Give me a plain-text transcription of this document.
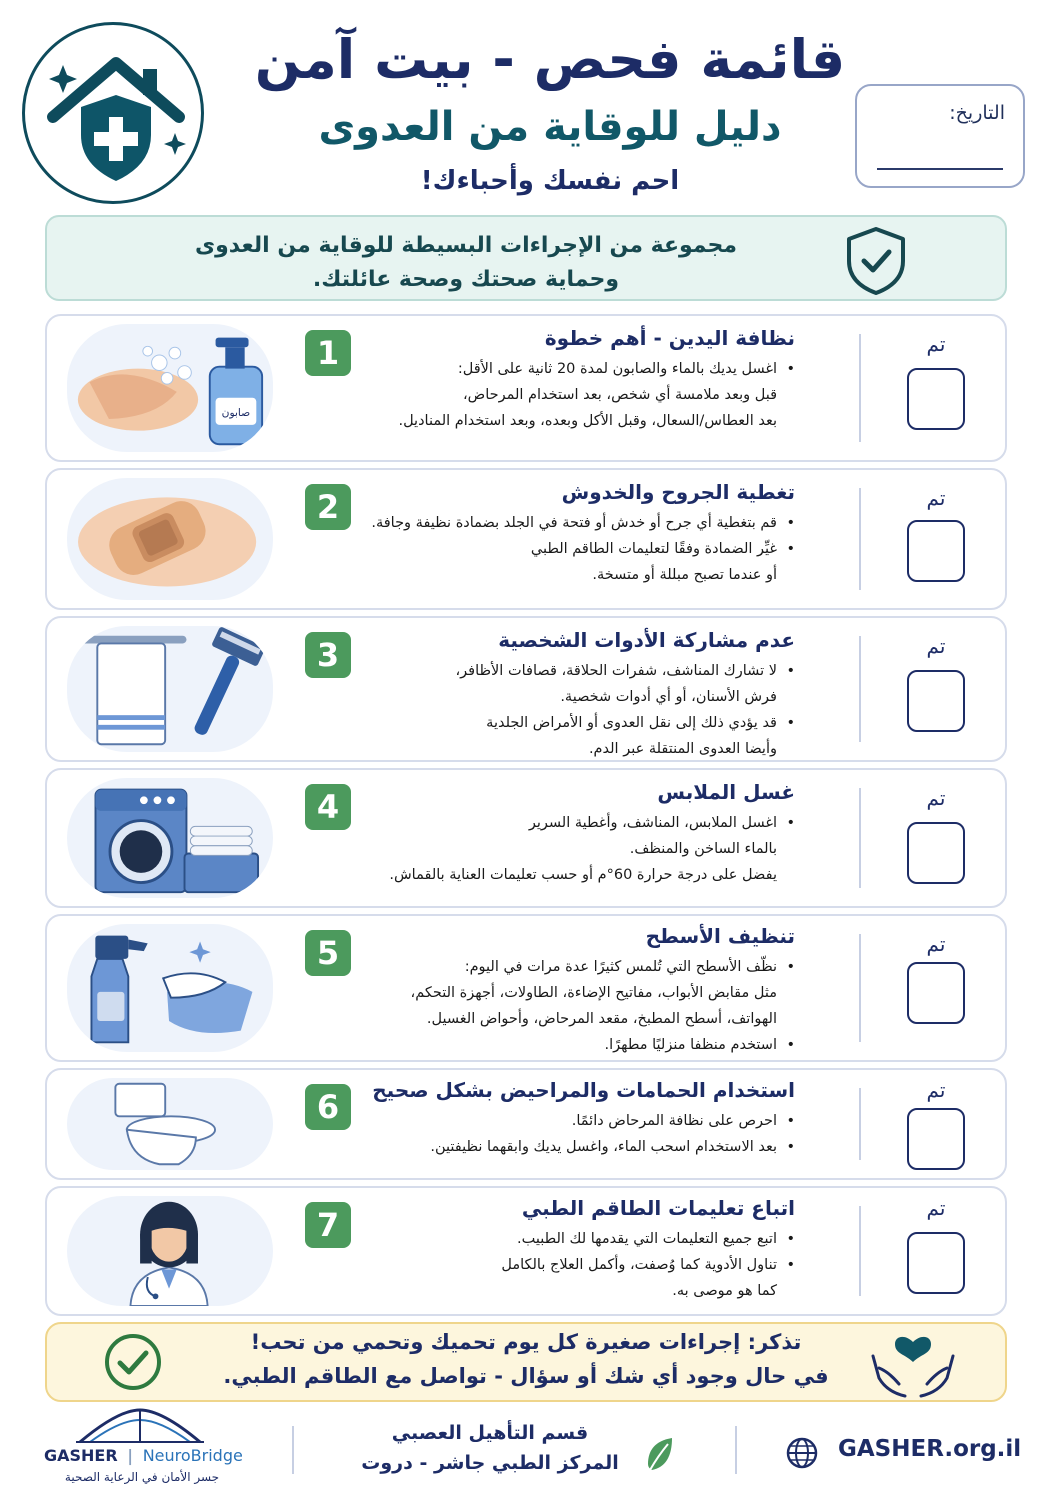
قائمة فحص - بيت آمن
دليل للوقاية من العدوى
احم نفسك وأحباءك!
التاريخ:
مجموعة من الإجراءات البسيطة للوقاية من العدوى
وحماية صحتك وصحة عائلتك.
صابون
1	نظافة اليدين - أهم خطوة
• اغسل يديك بالماء والصابون لمدة 20 ثانية على الأقل:
قبل وبعد ملامسة أي شخص، بعد استخدام المرحاض،
بعد العطاس/السعال، وقبل الأكل وبعده، وبعد استخدام المناديل.
تم
2	تغطية الجروح والخدوش
• قم بتغطية أي جرح أو خدش أو فتحة في الجلد بضمادة نظيفة وجافة.
• غيِّر الضمادة وفقًا لتعليمات الطاقم الطبي
أو عندما تصبح مبللة أو متسخة.
تم
3	عدم مشاركة الأدوات الشخصية
• لا تشارك المناشف، شفرات الحلاقة، قصافات الأظافر،
فرش الأسنان، أو أي أدوات شخصية.
• قد يؤدي ذلك إلى نقل العدوى أو الأمراض الجلدية
وأيضا العدوى المنتقلة عبر الدم.
تم
4	غسل الملابس
• اغسل الملابس، المناشف، وأغطية السرير
بالماء الساخن والمنظف.
يفضل على درجة حرارة 60°م أو حسب تعليمات العناية بالقماش.
تم
5	تنظيف الأسطح
• نظّف الأسطح التي تُلمس كثيرًا عدة مرات في اليوم:
مثل مقابض الأبواب، مفاتيح الإضاءة، الطاولات، أجهزة التحكم،
الهواتف، أسطح المطبخ، مقعد المرحاض، وأحواض الغسيل.
• استخدم منظفا منزليًا مطهرًا.
تم
6	استخدام الحمامات والمراحيض بشكل صحيح
• احرص على نظافة المرحاض دائمًا.
• بعد الاستخدام اسحب الماء، واغسل يديك وابقهما نظيفتين.
تم
7	اتباع تعليمات الطاقم الطبي
• اتبع جميع التعليمات التي يقدمها لك الطبيب.
• تناول الأدوية كما وُصفت، وأكمل العلاج بالكامل
كما هو موصى به.
تم
تذكر: إجراءات صغيرة كل يوم تحميك وتحمي من تحب!
في حال وجود أي شك أو سؤال - تواصل مع الطاقم الطبي.
GASHER | NeuroBridge
جسر الأمان في الرعاية الصحية
قسم التأهيل العصبي
المركز الطبي جاشر - دروت
GASHER.org.il
